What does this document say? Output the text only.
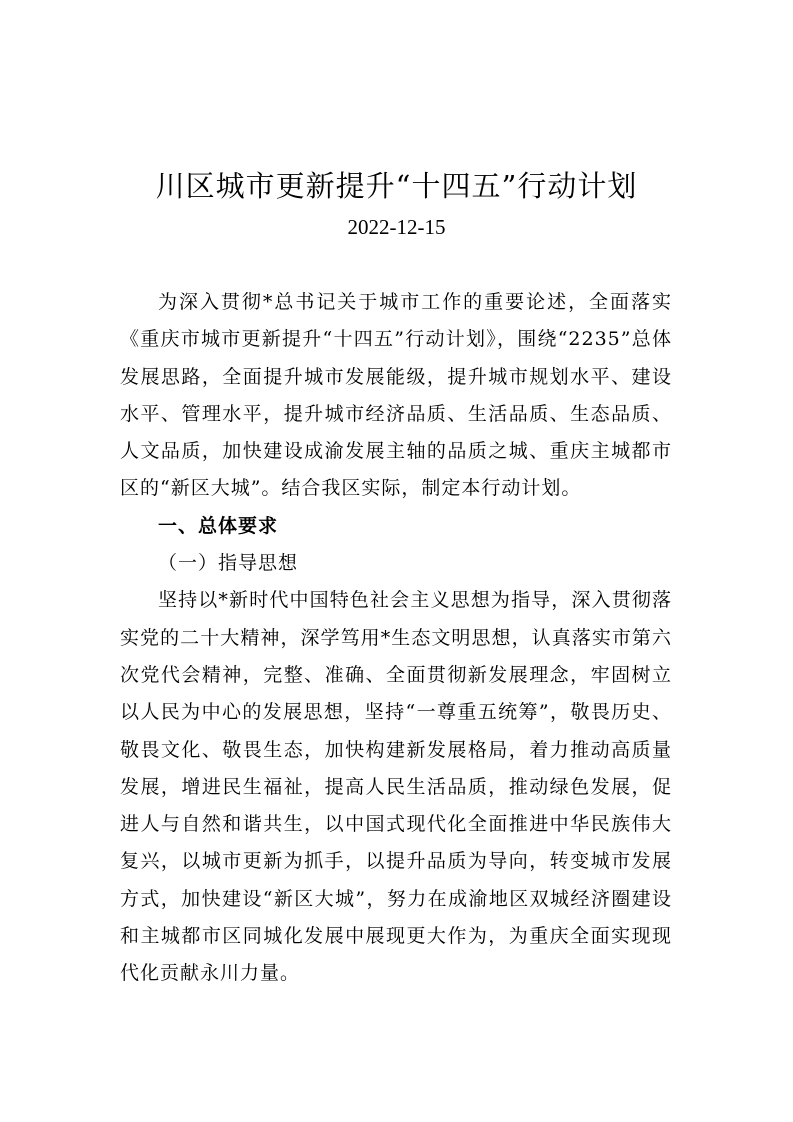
川区城市更新提升“十四五”行动计划
2022-12-15

为深入贯彻*总书记关于城市工作的重要论述，全面落实《重庆市城市更新提升“十四五”行动计划》，围绕“2235”总体发展思路，全面提升城市发展能级，提升城市规划水平、建设水平、管理水平，提升城市经济品质、生活品质、生态品质、人文品质，加快建设成渝发展主轴的品质之城、重庆主城都市区的“新区大城”。结合我区实际，制定本行动计划。

一、总体要求
（一）指导思想

坚持以*新时代中国特色社会主义思想为指导，深入贯彻落实党的二十大精神，深学笃用*生态文明思想，认真落实市第六次党代会精神，完整、准确、全面贯彻新发展理念，牢固树立以人民为中心的发展思想，坚持“一尊重五统筹”，敬畏历史、敬畏文化、敬畏生态，加快构建新发展格局，着力推动高质量发展，增进民生福祉，提高人民生活品质，推动绿色发展，促进人与自然和谐共生，以中国式现代化全面推进中华民族伟大复兴，以城市更新为抓手，以提升品质为导向，转变城市发展方式，加快建设“新区大城”，努力在成渝地区双城经济圈建设和主城都市区同城化发展中展现更大作为，为重庆全面实现现代化贡献永川力量。
